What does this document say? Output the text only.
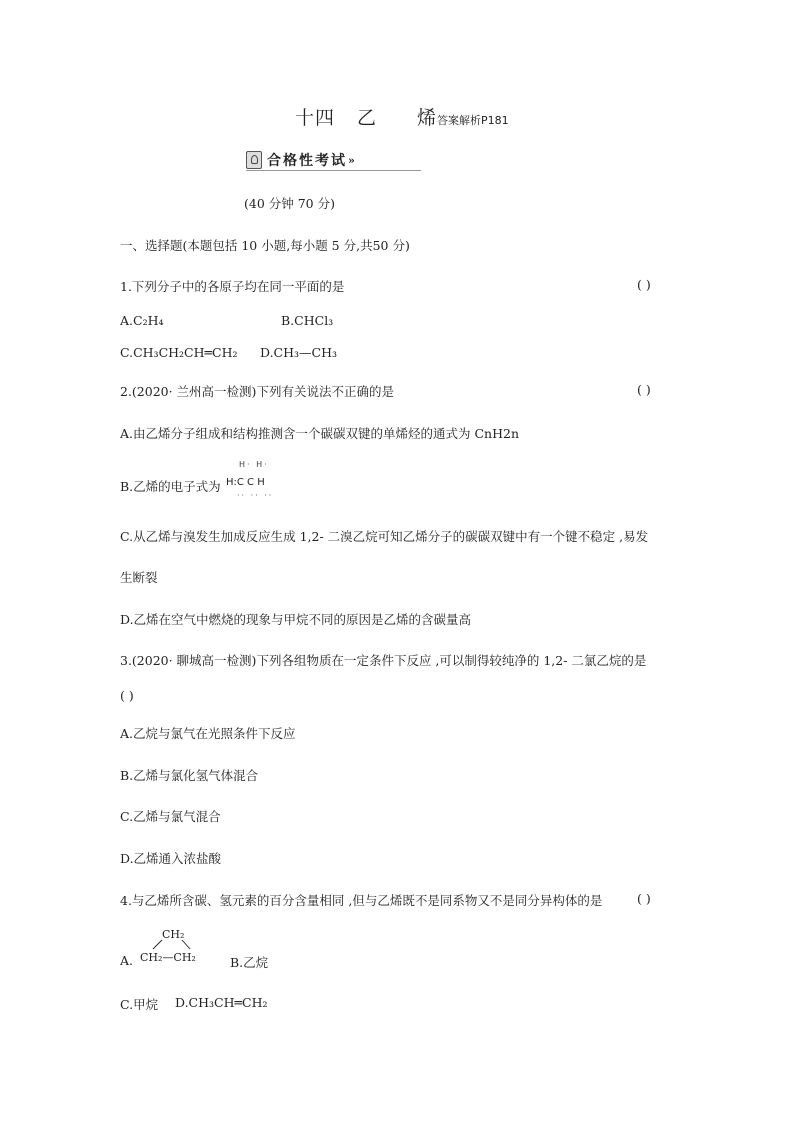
十四 乙 烯答案解析P181
合格性考试 »
(40 分钟 70 分)
一、选择题(本题包括 10 小题,每小题 5 分,共50 分)
1.下列分子中的各原子均在同一平面的是	( )
A.C₂H₄	B.CHCl₃
C.CH₃CH₂CH═CH₂ D.CH₃—CH₃
2.(2020· 兰州高一检测)下列有关说法不正确的是	( )
A.由乙烯分子组成和结构推测含一个碳碳双键的单烯烃的通式为 CnH2n
B.乙烯的电子式为
H· H·
H:C C H
·· ·· ··
C.从乙烯与溴发生加成反应生成 1,2- 二溴乙烷可知乙烯分子的碳碳双键中有一个键不稳定 ,易发
生断裂
D.乙烯在空气中燃烧的现象与甲烷不同的原因是乙烯的含碳量高
3.(2020· 聊城高一检测)下列各组物质在一定条件下反应 ,可以制得较纯净的 1,2- 二氯乙烷的是
( )
A.乙烷与氯气在光照条件下反应
B.乙烯与氯化氢气体混合
C.乙烯与氯气混合
D.乙烯通入浓盐酸
4.与乙烯所含碳、氢元素的百分含量相同 ,但与乙烯既不是同系物又不是同分异构体的是	( )
A.
CH₂
CH₂—CH₂	B.乙烷
C.甲烷 D.CH₃CH═CH₂
